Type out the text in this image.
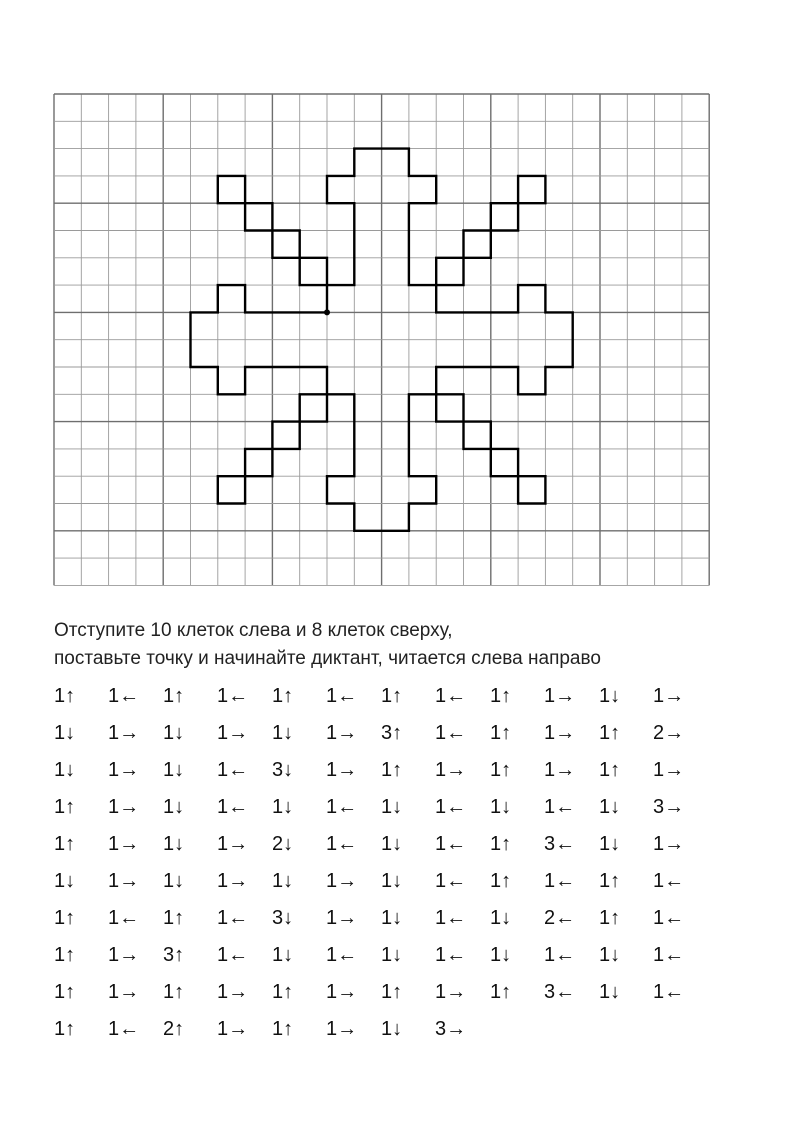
Отступите 10 клеток слева и 8 клеток сверху,
поставьте точку и начинайте диктант, читается слева направо
1↑	1←	1↑	1←	1↑	1←	1↑	1←	1↑	1→	1↓	1→
1↓	1→	1↓	1→	1↓	1→	3↑	1←	1↑	1→	1↑	2→
1↓	1→	1↓	1←	3↓	1→	1↑	1→	1↑	1→	1↑	1→
1↑	1→	1↓	1←	1↓	1←	1↓	1←	1↓	1←	1↓	3→
1↑	1→	1↓	1→	2↓	1←	1↓	1←	1↑	3←	1↓	1→
1↓	1→	1↓	1→	1↓	1→	1↓	1←	1↑	1←	1↑	1←
1↑	1←	1↑	1←	3↓	1→	1↓	1←	1↓	2←	1↑	1←
1↑	1→	3↑	1←	1↓	1←	1↓	1←	1↓	1←	1↓	1←
1↑	1→	1↑	1→	1↑	1→	1↑	1→	1↑	3←	1↓	1←
1↑	1←	2↑	1→	1↑	1→	1↓	3→
